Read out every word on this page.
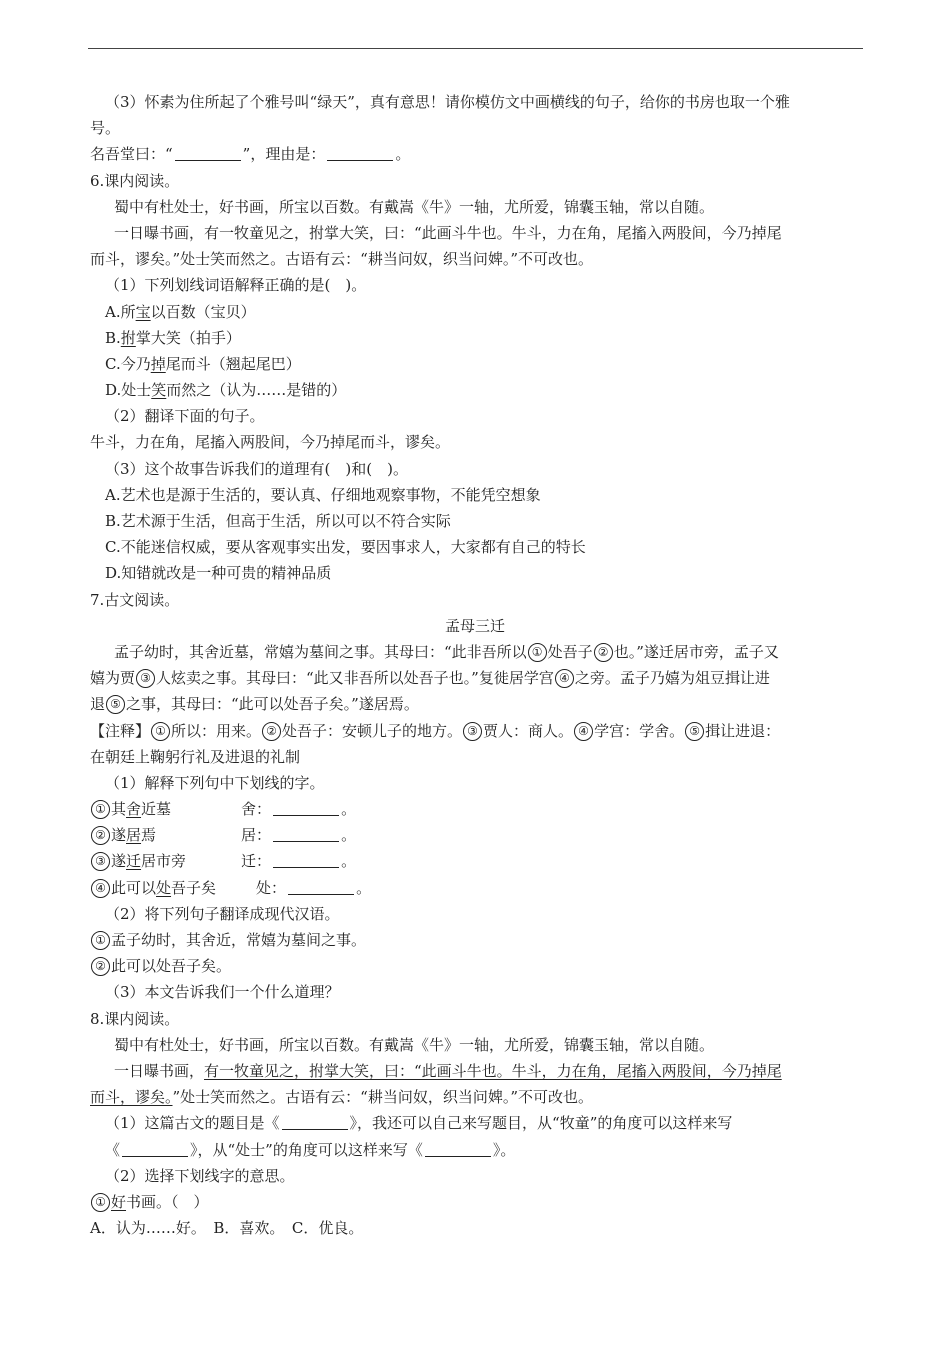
（3）怀素为住所起了个雅号叫“绿天”，真有意思！请你模仿文中画横线的句子，给你的书房也取一个雅
号。
名吾堂曰：“	”，理由是：	。
6.课内阅读。
蜀中有杜处士，好书画，所宝以百数。有戴嵩《牛》一轴，尤所爱，锦囊玉轴，常以自随。
一日曝书画，有一牧童见之，拊掌大笑，曰：“此画斗牛也。牛斗，力在角，尾搐入两股间，今乃掉尾
而斗，谬矣。”处士笑而然之。古语有云：“耕当问奴，织当问婢。”不可改也。
（1）下列划线词语解释正确的是(　)。
A.所宝以百数（宝贝）
B.拊掌大笑（拍手）
C.今乃掉尾而斗（翘起尾巴）
D.处士笑而然之（认为……是错的）
（2）翻译下面的句子。
牛斗，力在角，尾搐入两股间，今乃掉尾而斗，谬矣。
（3）这个故事告诉我们的道理有(　)和(　)。
A.艺术也是源于生活的，要认真、仔细地观察事物，不能凭空想象
B.艺术源于生活，但高于生活，所以可以不符合实际
C.不能迷信权威，要从客观事实出发，要因事求人，大家都有自己的特长
D.知错就改是一种可贵的精神品质
7.古文阅读。
孟母三迁
孟子幼时，其舍近墓，常嬉为墓间之事。其母曰：“此非吾所以 ① 处吾子 ② 也。”遂迁居市旁，孟子又
嬉为贾 ③ 人炫卖之事。其母曰：“此又非吾所以处吾子也。”复徙居学宫 ④ 之旁。孟子乃嬉为俎豆揖让进
退 ⑤ 之事，其母曰：“此可以处吾子矣。”遂居焉。
【注释】 ① 所以：用来。 ② 处吾子：安顿儿子的地方。 ③ 贾人：商人。 ④ 学宫：学舍。 ⑤ 揖让进退：
在朝廷上鞠躬行礼及进退的礼制
（1）解释下列句中下划线的字。
① 其舍近墓	舍：	。
② 遂居焉	居：	。
③ 遂迁居市旁	迁：	。
④ 此可以处吾子矣	处：	。
（2）将下列句子翻译成现代汉语。
① 孟子幼时，其舍近，常嬉为墓间之事。
② 此可以处吾子矣。
（3）本文告诉我们一个什么道理？
8.课内阅读。
蜀中有杜处士，好书画，所宝以百数。有戴嵩《牛》一轴，尤所爱，锦囊玉轴，常以自随。
一日曝书画，有一牧童见之，拊掌大笑，曰：“此画斗牛也。牛斗，力在角，尾搐入两股间，今乃掉尾
而斗，谬矣。”处士笑而然之。古语有云：“耕当问奴，织当问婢。”不可改也。
（1）这篇古文的题目是《	》，我还可以自己来写题目，从“牧童”的角度可以这样来写
《	》，从“处士”的角度可以这样来写《	》。
（2）选择下划线字的意思。
① 好书画。（　）
A．认为……好。　B．喜欢。　C．优良。
